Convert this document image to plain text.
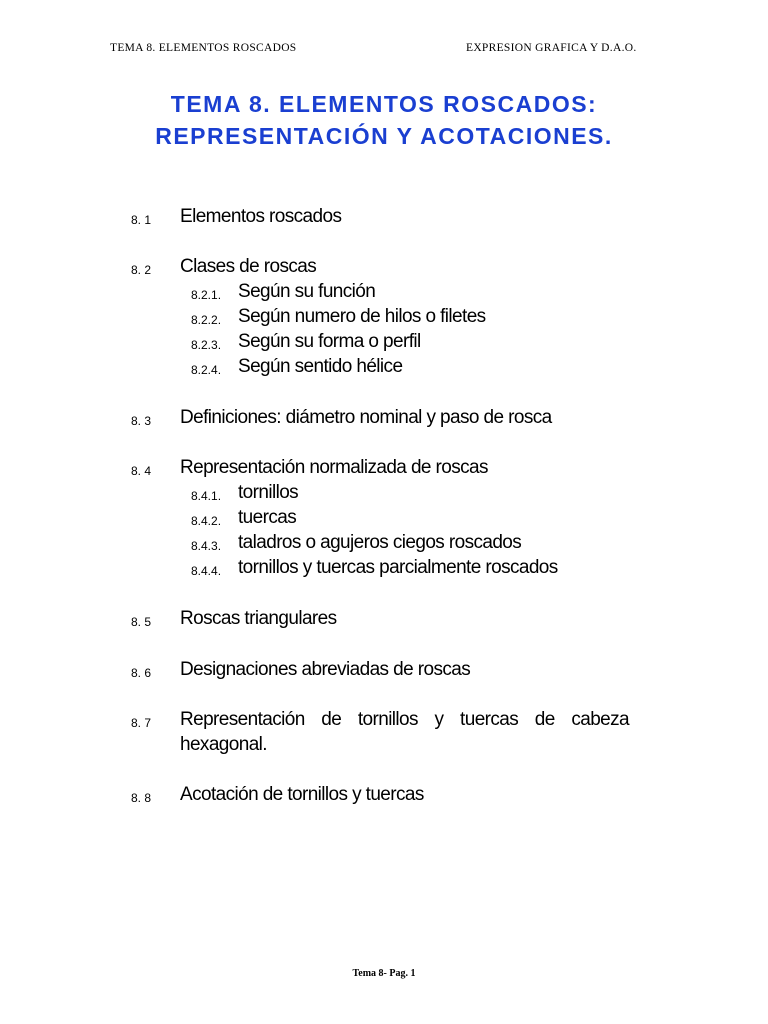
TEMA 8. ELEMENTOS ROSCADOS	EXPRESION GRAFICA Y D.A.O.
TEMA 8. ELEMENTOS ROSCADOS:
REPRESENTACIÓN Y ACOTACIONES.
8. 1 Elementos roscados
8. 2 Clases de roscas
8.2.1. Según su función
8.2.2. Según numero de hilos o filetes
8.2.3. Según su forma o perfil
8.2.4. Según sentido hélice
8. 3 Definiciones: diámetro nominal y paso de rosca
8. 4 Representación normalizada de roscas
8.4.1. tornillos
8.4.2. tuercas
8.4.3. taladros o agujeros ciegos roscados
8.4.4. tornillos y tuercas parcialmente roscados
8. 5 Roscas triangulares
8. 6 Designaciones abreviadas de roscas
8. 7 Representación de tornillos y tuercas de cabeza
hexagonal.
8. 8 Acotación de tornillos y tuercas
Tema 8- Pag. 1
